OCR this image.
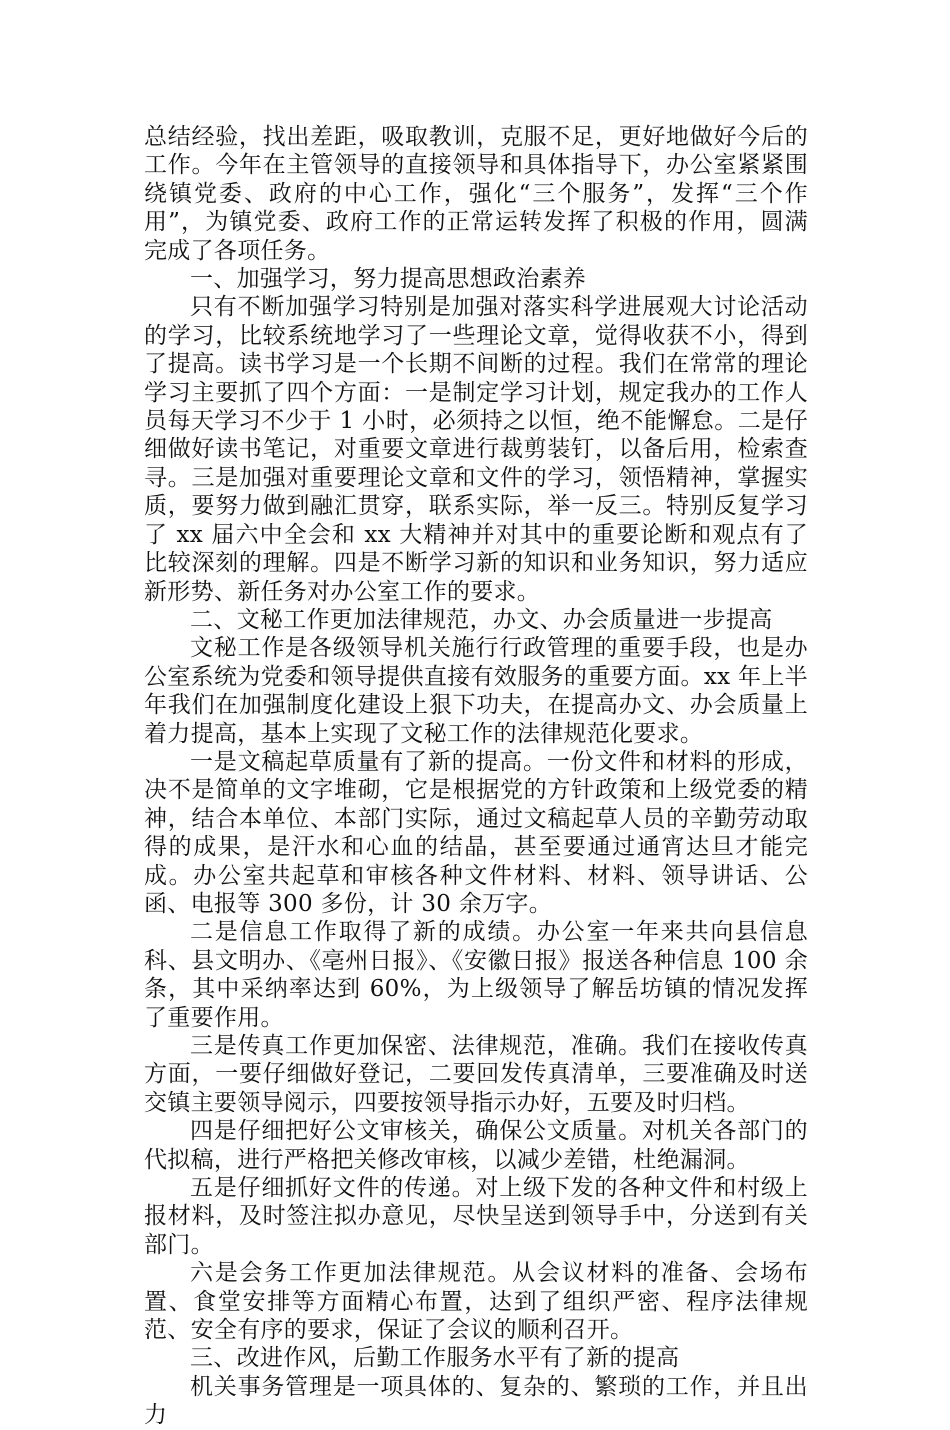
总结经验，找出差距，吸取教训，克服不足，更好地做好今后的工作。今年在主管领导的直接领导和具体指导下，办公室紧紧围绕镇党委、政府的中心工作，强化“三个服务”，发挥“三个作用”，为镇党委、政府工作的正常运转发挥了积极的作用，圆满完成了各项任务。

一、加强学习，努力提高思想政治素养

只有不断加强学习特别是加强对落实科学进展观大讨论活动的学习，比较系统地学习了一些理论文章，觉得收获不小，得到了提高。读书学习是一个长期不间断的过程。我们在常常的理论学习主要抓了四个方面：一是制定学习计划，规定我办的工作人员每天学习不少于 1 小时，必须持之以恒，绝不能懈怠。二是仔细做好读书笔记，对重要文章进行裁剪装钉，以备后用，检索查寻。三是加强对重要理论文章和文件的学习，领悟精神，掌握实质，要努力做到融汇贯穿，联系实际，举一反三。特别反复学习了 xx 届六中全会和 xx 大精神并对其中的重要论断和观点有了比较深刻的理解。四是不断学习新的知识和业务知识，努力适应新形势、新任务对办公室工作的要求。

二、文秘工作更加法律规范，办文、办会质量进一步提高

文秘工作是各级领导机关施行行政管理的重要手段，也是办公室系统为党委和领导提供直接有效服务的重要方面。xx 年上半年我们在加强制度化建设上狠下功夫，在提高办文、办会质量上着力提高，基本上实现了文秘工作的法律规范化要求。

一是文稿起草质量有了新的提高。一份文件和材料的形成，决不是简单的文字堆砌，它是根据党的方针政策和上级党委的精神，结合本单位、本部门实际，通过文稿起草人员的辛勤劳动取得的成果，是汗水和心血的结晶，甚至要通过通宵达旦才能完成。办公室共起草和审核各种文件材料、材料、领导讲话、公函、电报等 300 多份，计 30 余万字。

二是信息工作取得了新的成绩。办公室一年来共向县信息科、县文明办、《亳州日报》、《安徽日报》报送各种信息 100 余条，其中采纳率达到 60%，为上级领导了解岳坊镇的情况发挥了重要作用。

三是传真工作更加保密、法律规范，准确。我们在接收传真方面，一要仔细做好登记，二要回发传真清单，三要准确及时送交镇主要领导阅示，四要按领导指示办好，五要及时归档。

四是仔细把好公文审核关，确保公文质量。对机关各部门的代拟稿，进行严格把关修改审核，以减少差错，杜绝漏洞。

五是仔细抓好文件的传递。对上级下发的各种文件和村级上报材料，及时签注拟办意见，尽快呈送到领导手中，分送到有关部门。

六是会务工作更加法律规范。从会议材料的准备、会场布置、食堂安排等方面精心布置，达到了组织严密、程序法律规范、安全有序的要求，保证了会议的顺利召开。

三、改进作风，后勤工作服务水平有了新的提高

机关事务管理是一项具体的、复杂的、繁琐的工作，并且出力
